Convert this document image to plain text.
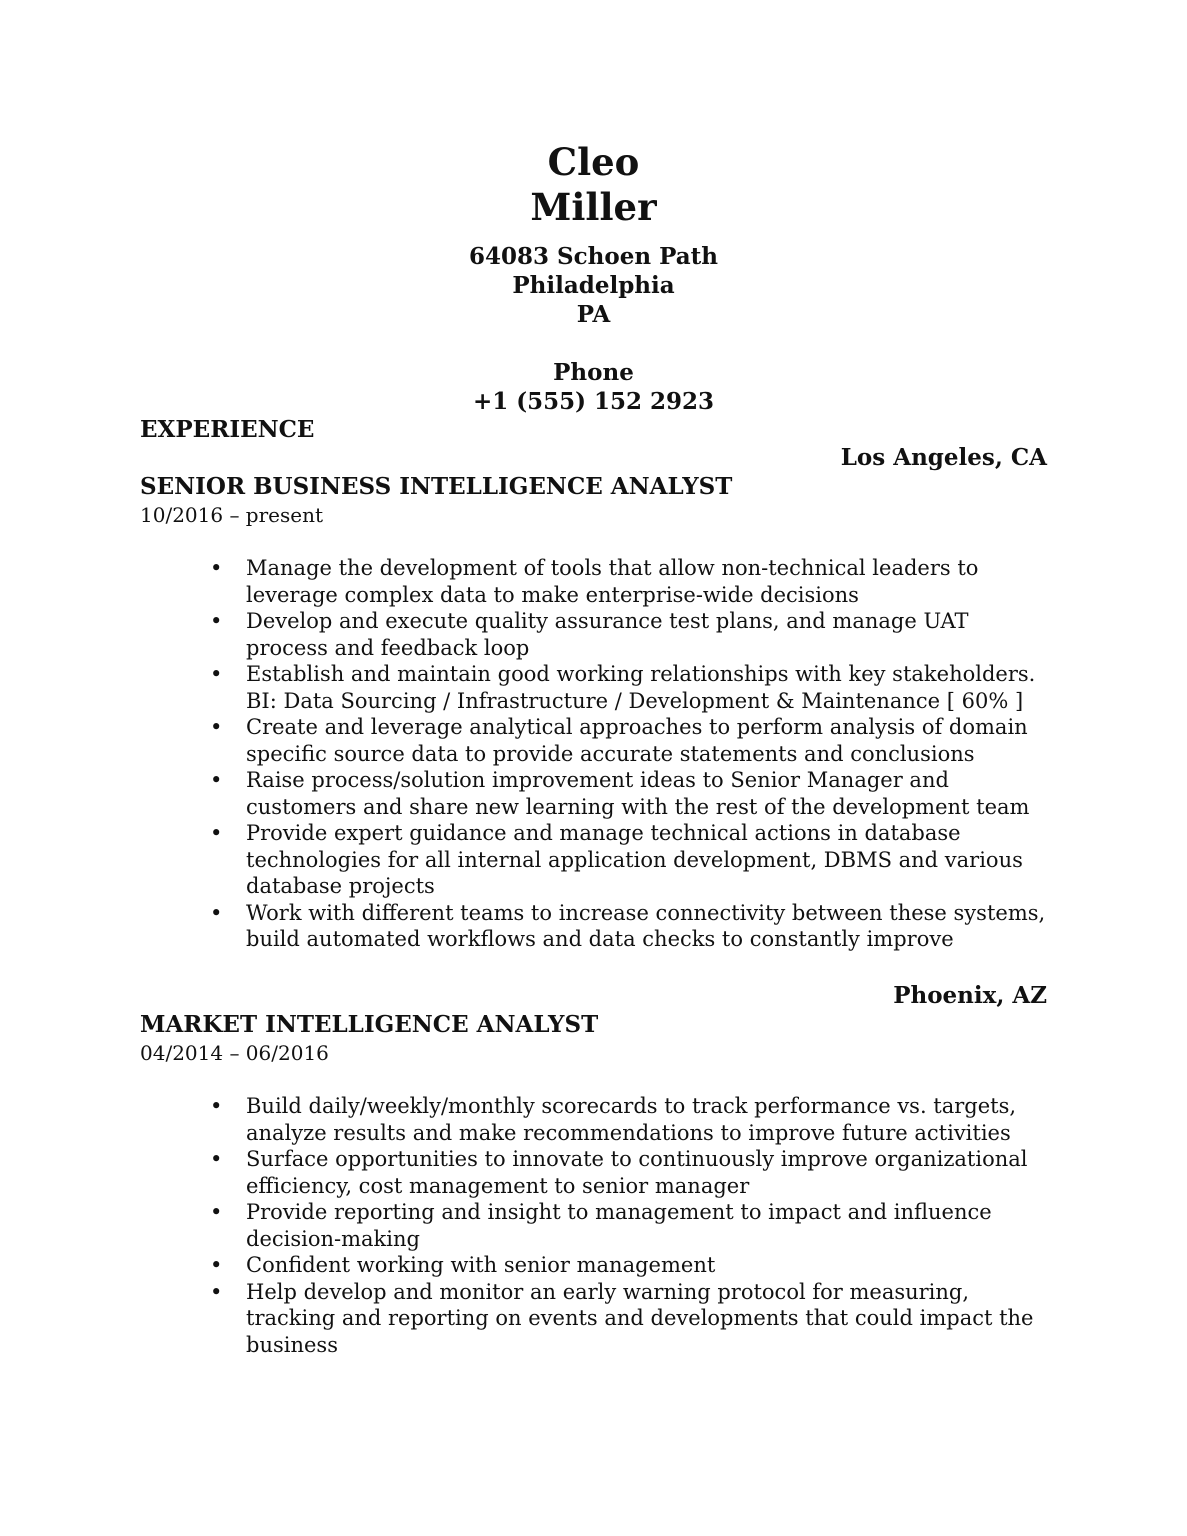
Cleo
Miller
64083 Schoen Path
Philadelphia
PA
Phone
+1 (555) 152 2923
EXPERIENCE
Los Angeles, CA
SENIOR BUSINESS INTELLIGENCE ANALYST
10/2016 – present
• Manage the development of tools that allow non-technical leaders to leverage complex data to make enterprise-wide decisions
• Develop and execute quality assurance test plans, and manage UAT process and feedback loop
• Establish and maintain good working relationships with key stakeholders. BI: Data Sourcing / Infrastructure / Development & Maintenance [ 60% ]
• Create and leverage analytical approaches to perform analysis of domain specific source data to provide accurate statements and conclusions
• Raise process/solution improvement ideas to Senior Manager and customers and share new learning with the rest of the development team
• Provide expert guidance and manage technical actions in database technologies for all internal application development, DBMS and various database projects
• Work with different teams to increase connectivity between these systems, build automated workflows and data checks to constantly improve
Phoenix, AZ
MARKET INTELLIGENCE ANALYST
04/2014 – 06/2016
• Build daily/weekly/monthly scorecards to track performance vs. targets, analyze results and make recommendations to improve future activities
• Surface opportunities to innovate to continuously improve organizational efficiency, cost management to senior manager
• Provide reporting and insight to management to impact and influence decision-making
• Confident working with senior management
• Help develop and monitor an early warning protocol for measuring, tracking and reporting on events and developments that could impact the business
